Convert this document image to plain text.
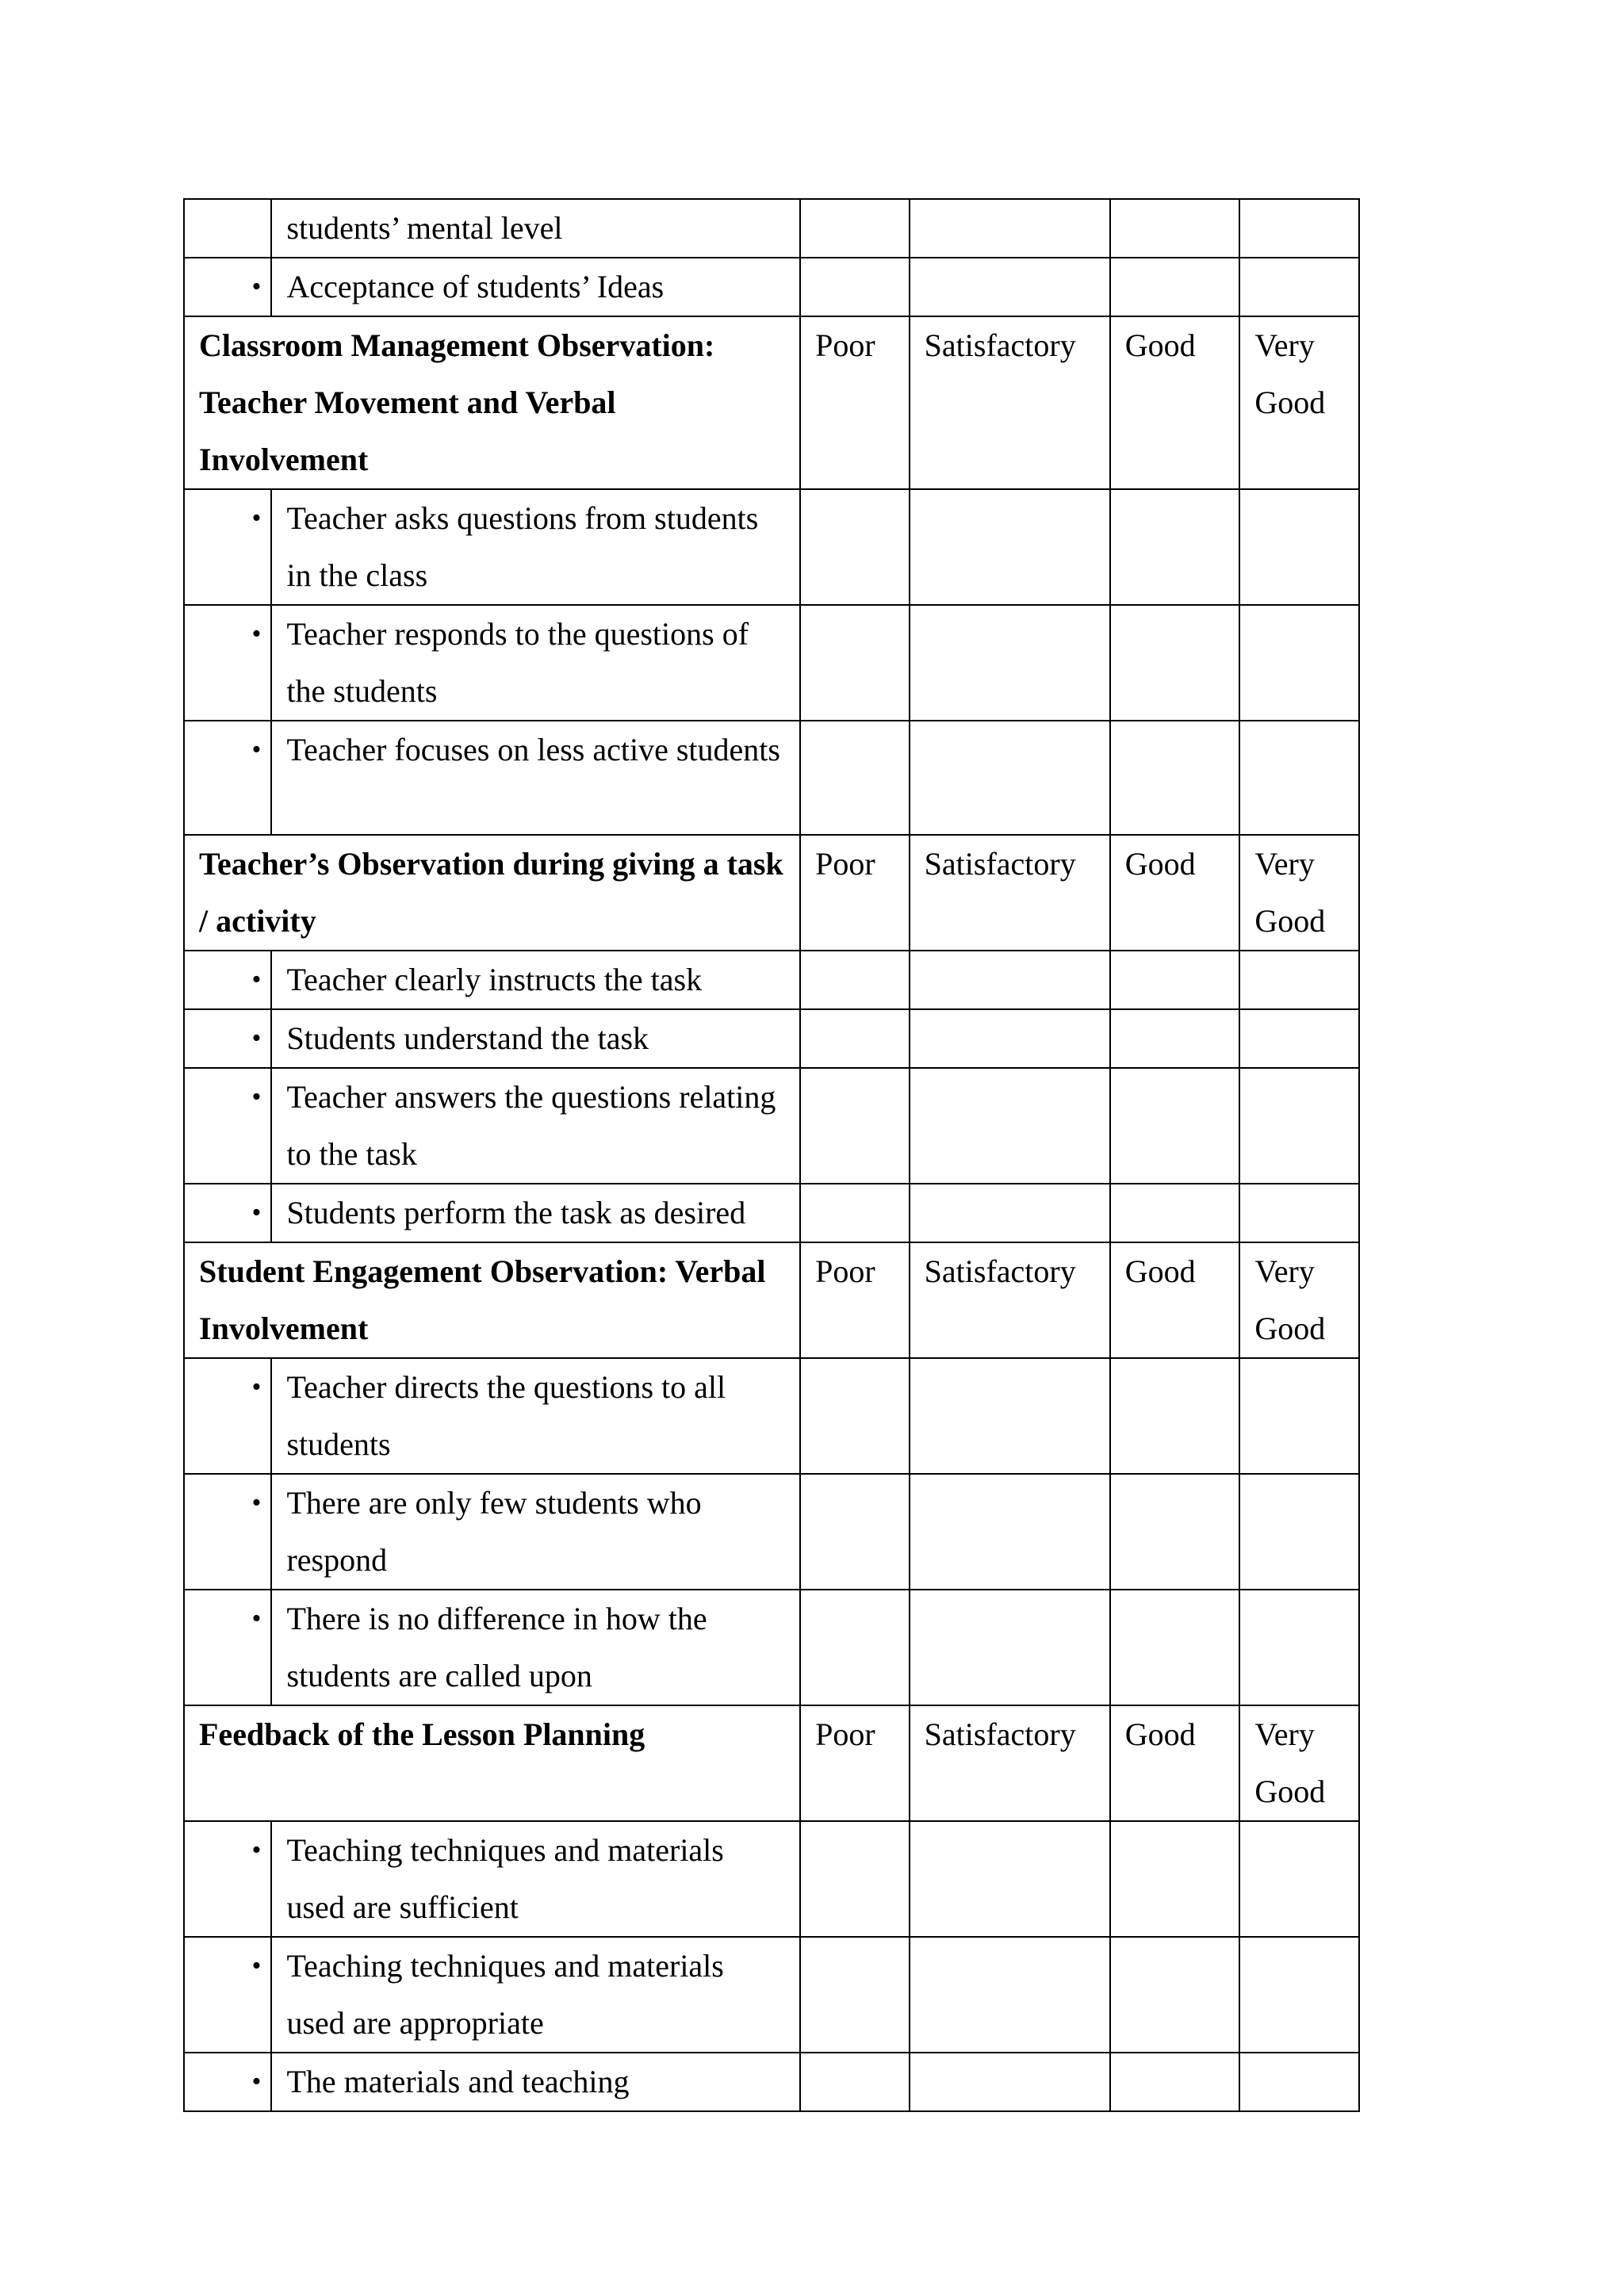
	students’ mental level				
•	Acceptance of students’ Ideas				
Classroom Management Observation: Teacher Movement and Verbal Involvement		Poor	Satisfactory	Good	Very Good
•	Teacher asks questions from students in the class				
•	Teacher responds to the questions of the students				
•	Teacher focuses on less active students				
Teacher’s Observation during giving a task / activity		Poor	Satisfactory	Good	Very Good
•	Teacher clearly instructs the task				
•	Students understand the task				
•	Teacher answers the questions relating to the task				
•	Students perform the task as desired				
Student Engagement Observation: Verbal Involvement		Poor	Satisfactory	Good	Very Good
•	Teacher directs the questions to all students				
•	There are only few students who respond				
•	There is no difference in how the students are called upon				
Feedback of the Lesson Planning		Poor	Satisfactory	Good	Very Good
•	Teaching techniques and materials used are sufficient				
•	Teaching techniques and materials used are appropriate				
•	The materials and teaching				
